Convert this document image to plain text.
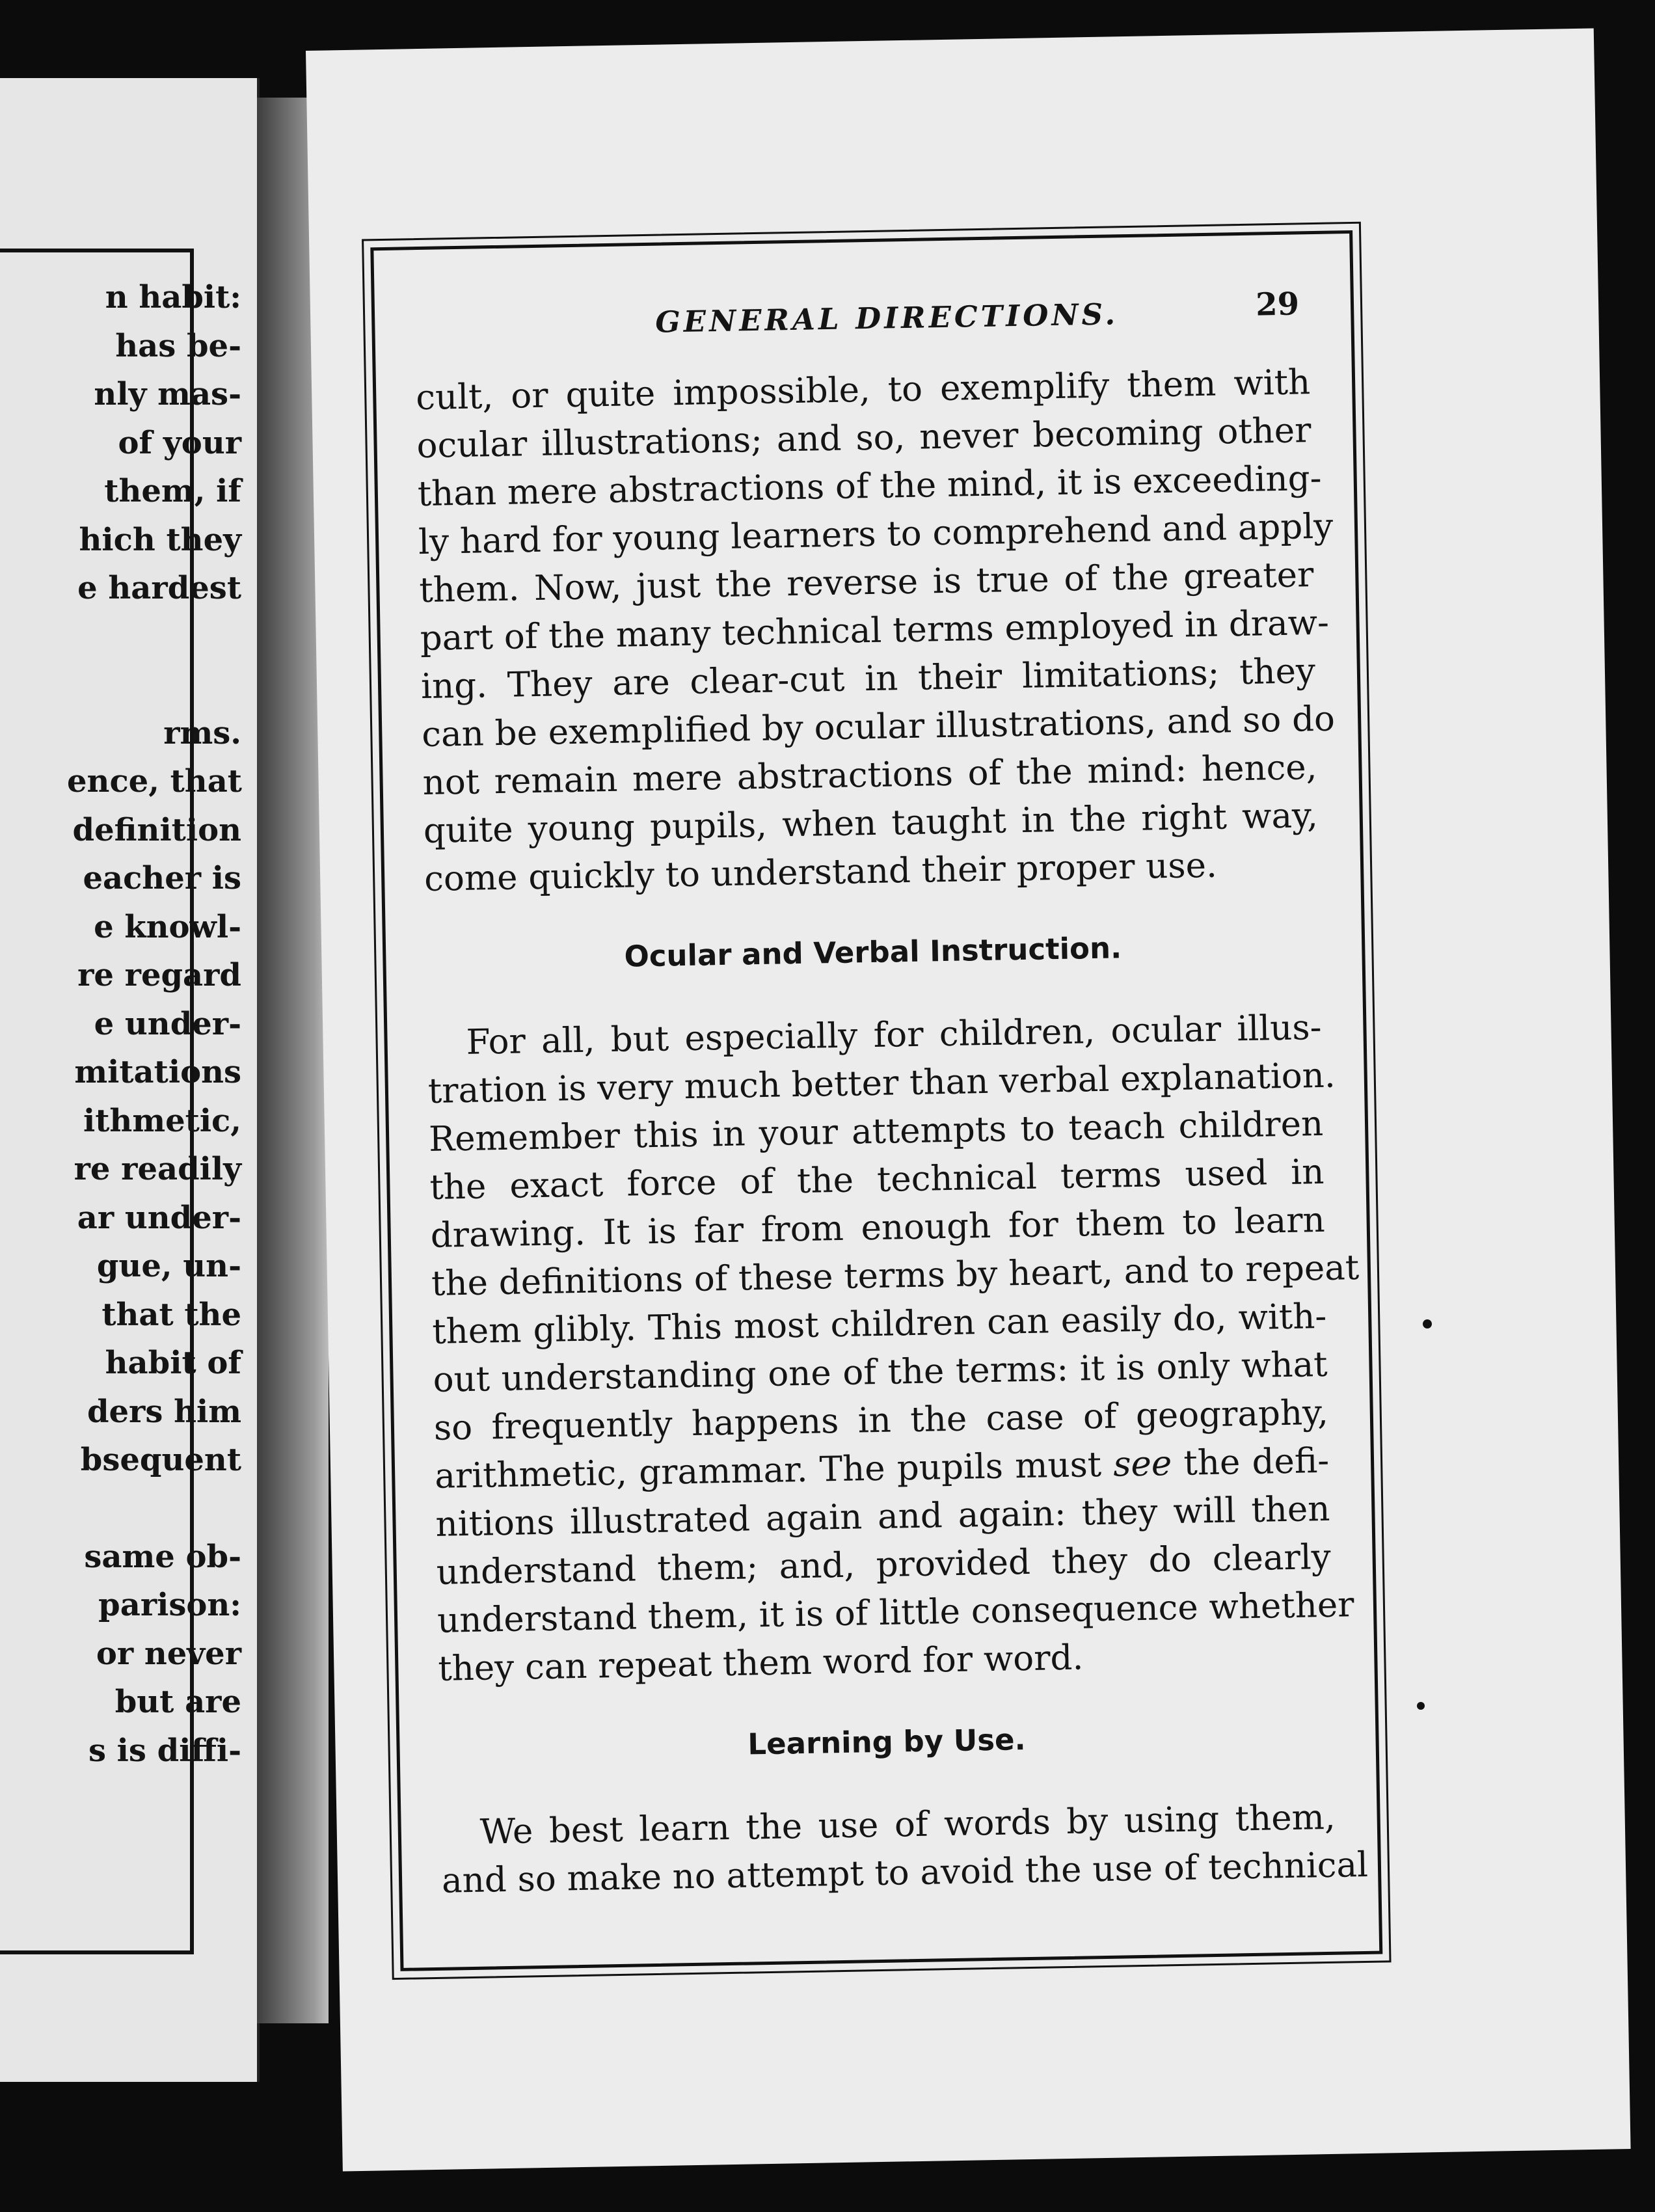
n habit:
has be-
nly mas-
of your
them, if
hich they
e hardest
rms.
ence, that
definition
eacher is
e knowl-
re regard
e under-
mitations
ithmetic,
re readily
ar under-
gue, un-
that the
habit of
ders him
bsequent
same ob-
parison:
or never
but are
s is diffi-
GENERAL DIRECTIONS.	29
cult, or quite impossible, to exemplify them with
ocular illustrations; and so, never becoming other
than mere abstractions of the mind, it is exceeding-
ly hard for young learners to comprehend and apply
them. Now, just the reverse is true of the greater
part of the many technical terms employed in draw-
ing. They are clear-cut in their limitations; they
can be exemplified by ocular illustrations, and so do
not remain mere abstractions of the mind: hence,
quite young pupils, when taught in the right way,
come quickly to understand their proper use.
Ocular and Verbal Instruction.
For all, but especially for children, ocular illus-
tration is very much better than verbal explanation.
Remember this in your attempts to teach children
the exact force of the technical terms used in
drawing. It is far from enough for them to learn
the definitions of these terms by heart, and to repeat
them glibly. This most children can easily do, with-
out understanding one of the terms: it is only what
so frequently happens in the case of geography,
arithmetic, grammar. The pupils must see the defi-
nitions illustrated again and again: they will then
understand them; and, provided they do clearly
understand them, it is of little consequence whether
they can repeat them word for word.
Learning by Use.
We best learn the use of words by using them,
and so make no attempt to avoid the use of technical
